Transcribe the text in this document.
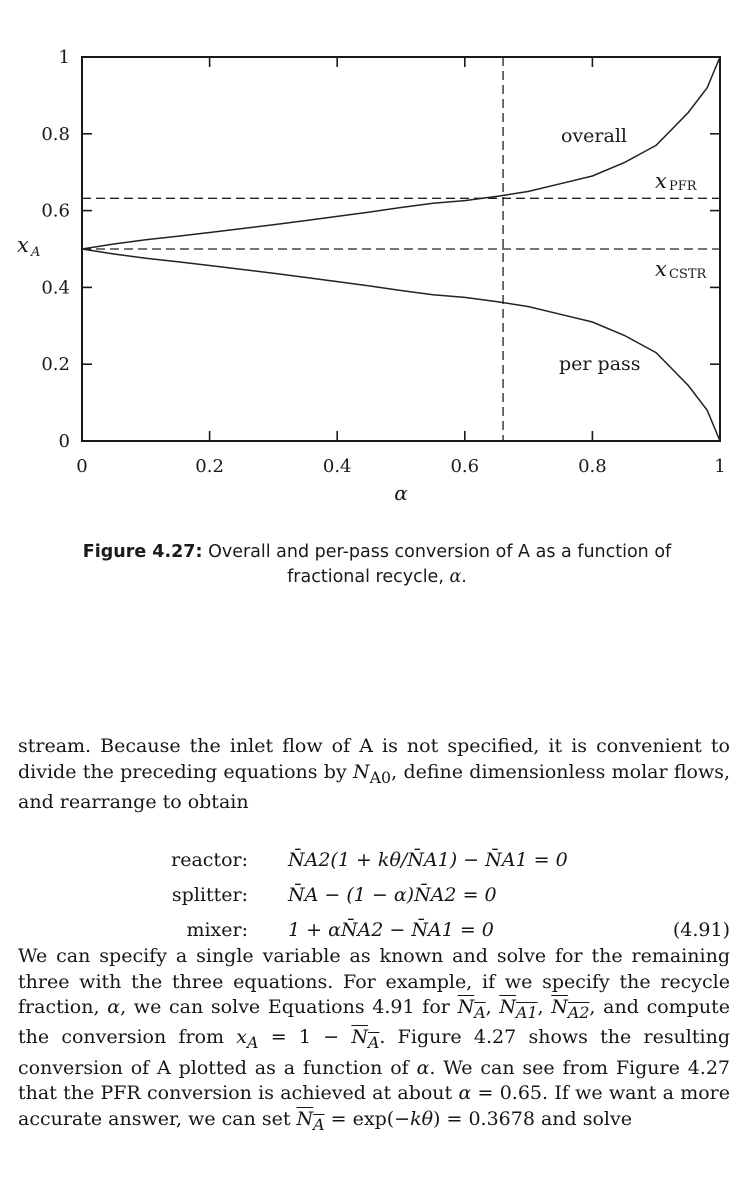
0	0.2	0.4	0.6	0.8	1
0
0.2
0.4
0.6
0.8
1
overall
per pass
x PFR
x CSTR
x A
α
Figure 4.27: Overall and per-pass conversion of A as a function of
fractional recycle, α.

stream. Because the inlet flow of A is not specified, it is convenient to divide the preceding equations by $N_{A0}$, define dimensionless molar flows, and rearrange to obtain

reactor: N̄A2(1 + kθ/N̄A1) − N̄A1 = 0
splitter: N̄A − (1 − α)N̄A2 = 0
mixer: 1 + αN̄A2 − N̄A1 = 0	(4.91)

We can specify a single variable as known and solve for the remaining three with the three equations. For example, if we specify the recycle fraction, α, we can solve Equations 4.91 for $N_A$, $N_{A1}$, $N_{A2}$, and compute the conversion from $x_A = 1 - N_A$. Figure 4.27 shows the resulting conversion of A plotted as a function of α. We can see from Figure 4.27 that the PFR conversion is achieved at about α = 0.65. If we want a more accurate answer, we can set $N_A = \exp(-k\theta) = 0.3678$ and solve
